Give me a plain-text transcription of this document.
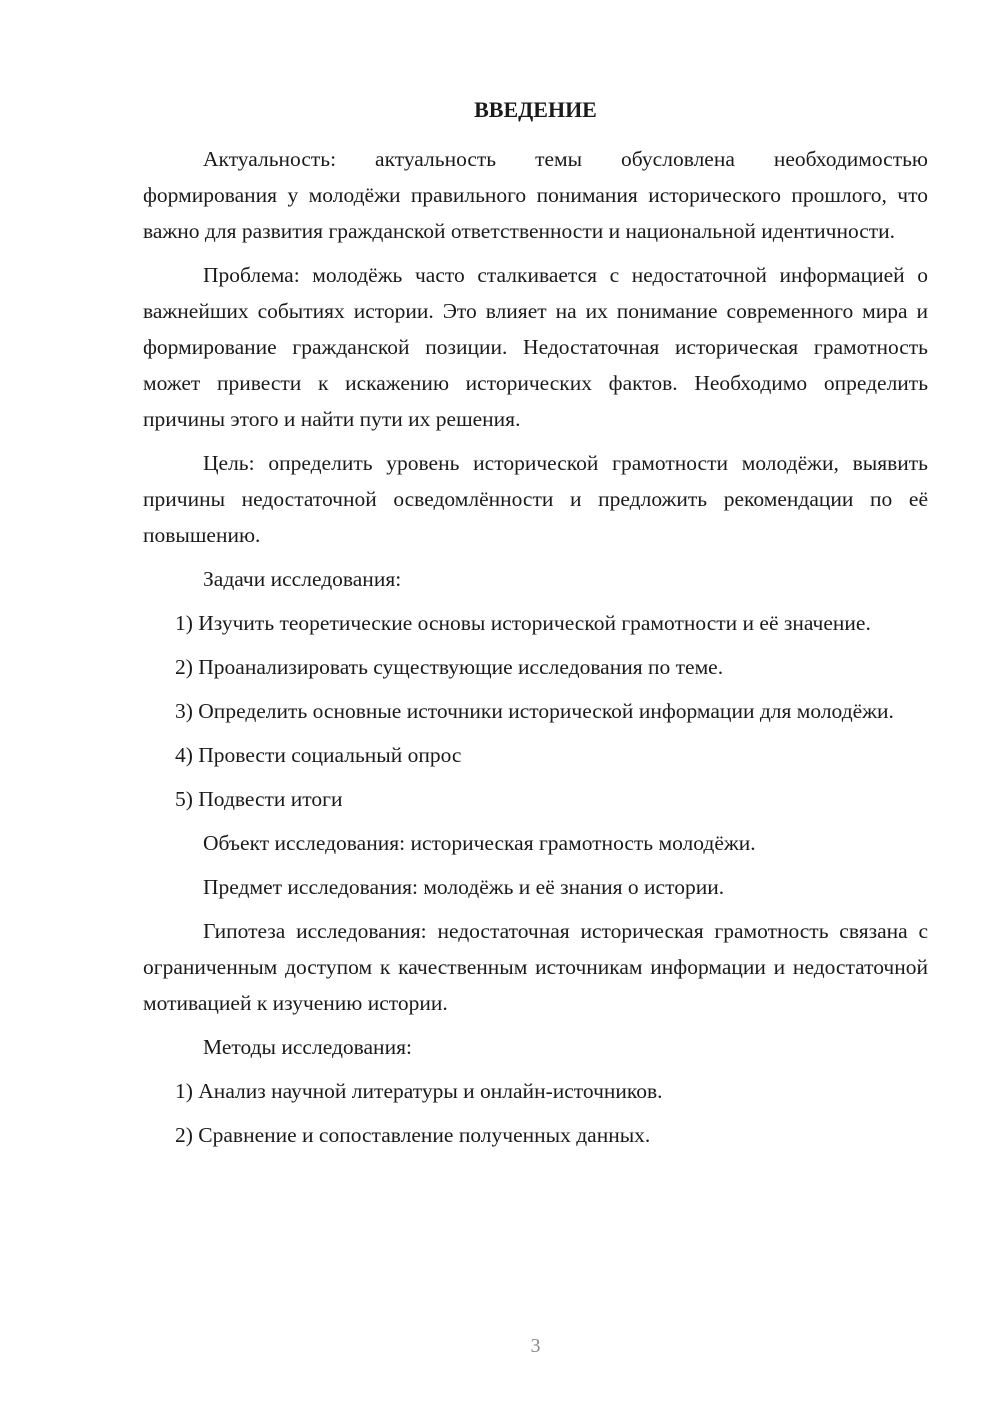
ВВЕДЕНИЕ

Актуальность: актуальность темы обусловлена необходимостью формирования у молодёжи правильного понимания исторического прошлого, что важно для развития гражданской ответственности и национальной идентичности.

Проблема: молодёжь часто сталкивается с недостаточной информацией о важнейших событиях истории. Это влияет на их понимание современного мира и формирование гражданской позиции. Недостаточная историческая грамотность может привести к искажению исторических фактов. Необходимо определить причины этого и найти пути их решения.

Цель: определить уровень исторической грамотности молодёжи, выявить причины недостаточной осведомлённости и предложить рекомендации по её повышению.

Задачи исследования:

1) Изучить теоретические основы исторической грамотности и её значение.

2) Проанализировать существующие исследования по теме.

3) Определить основные источники исторической информации для молодёжи.

4) Провести социальный опрос

5) Подвести итоги

Объект исследования: историческая грамотность молодёжи.

Предмет исследования: молодёжь и её знания о истории.

Гипотеза исследования: недостаточная историческая грамотность связана с ограниченным доступом к качественным источникам информации и недостаточной мотивацией к изучению истории.

Методы исследования:

1) Анализ научной литературы и онлайн-источников.

2) Сравнение и сопоставление полученных данных.

3
